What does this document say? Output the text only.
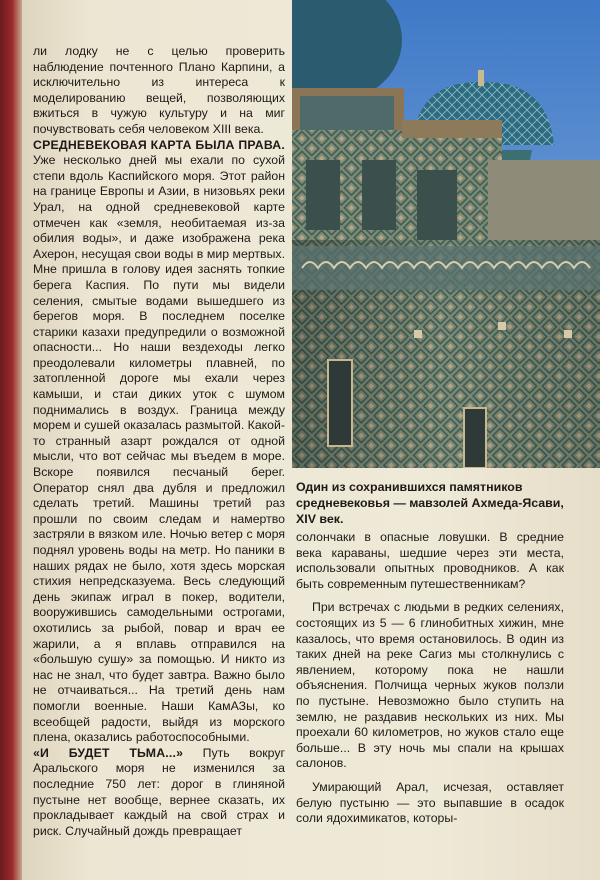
ли лодку не с целью проверить наблюдение почтенного Плано Карпини, а исключительно из интереса к моделированию вещей, позволяющих вжиться в чужую культуру и на миг почувствовать себя человеком XIII века.

СРЕДНЕВЕКОВАЯ КАРТА БЫЛА ПРАВА. Уже несколько дней мы ехали по сухой степи вдоль Каспийского моря. Этот район на границе Европы и Азии, в низовьях реки Урал, на одной средневековой карте отмечен как «земля, необитаемая из-за обилия воды», и даже изображена река Ахерон, несущая свои воды в мир мертвых. Мне пришла в голову идея заснять топкие берега Каспия. По пути мы видели селения, смытые водами вышедшего из берегов моря. В последнем поселке старики казахи предупредили о возможной опасности... Но наши вездеходы легко преодолевали километры плавней, по затопленной дороге мы ехали через камыши, и стаи диких уток с шумом поднимались в воздух. Граница между морем и сушей оказалась размытой. Какой-то странный азарт рождался от одной мысли, что вот сейчас мы въедем в море. Вскоре появился песчаный берег. Оператор снял два дубля и предложил сделать третий. Машины третий раз прошли по своим следам и намертво застряли в вязком иле. Ночью ветер с моря поднял уровень воды на метр. Но паники в наших рядах не было, хотя здесь морская стихия непредсказуема. Весь следующий день экипаж играл в покер, водители, вооружившись самодельными острогами, охотились за рыбой, повар и врач ее жарили, а я вплавь отправился на «большую сушу» за помощью. И никто из нас не знал, что будет завтра. Важно было не отчаиваться... На третий день нам помогли военные. Наши КамАЗы, ко всеобщей радости, выйдя из морского плена, оказались работоспособными.

«И БУДЕТ ТЬМА...» Путь вокруг Аральского моря не изменился за последние 750 лет: дорог в глиняной пустыне нет вообще, вернее сказать, их прокладывает каждый на свой страх и риск. Случайный дождь превращает

Один из сохранившихся памятников средневековья — мавзолей Ахмеда-Ясави, XIV век.

солончаки в опасные ловушки. В средние века караваны, шедшие через эти места, использовали опытных проводников. А как быть современным путешественникам?

При встречах с людьми в редких селениях, состоящих из 5 — 6 глинобитных хижин, мне казалось, что время остановилось. В один из таких дней на реке Сагиз мы столкнулись с явлением, которому пока не нашли объяснения. Полчища черных жуков ползли по пустыне. Невозможно было ступить на землю, не раздавив нескольких из них. Мы проехали 60 километров, но жуков стало еще больше... В эту ночь мы спали на крышах салонов.

Умирающий Арал, исчезая, оставляет белую пустыню — это выпавшие в осадок соли ядохимикатов, которы-
